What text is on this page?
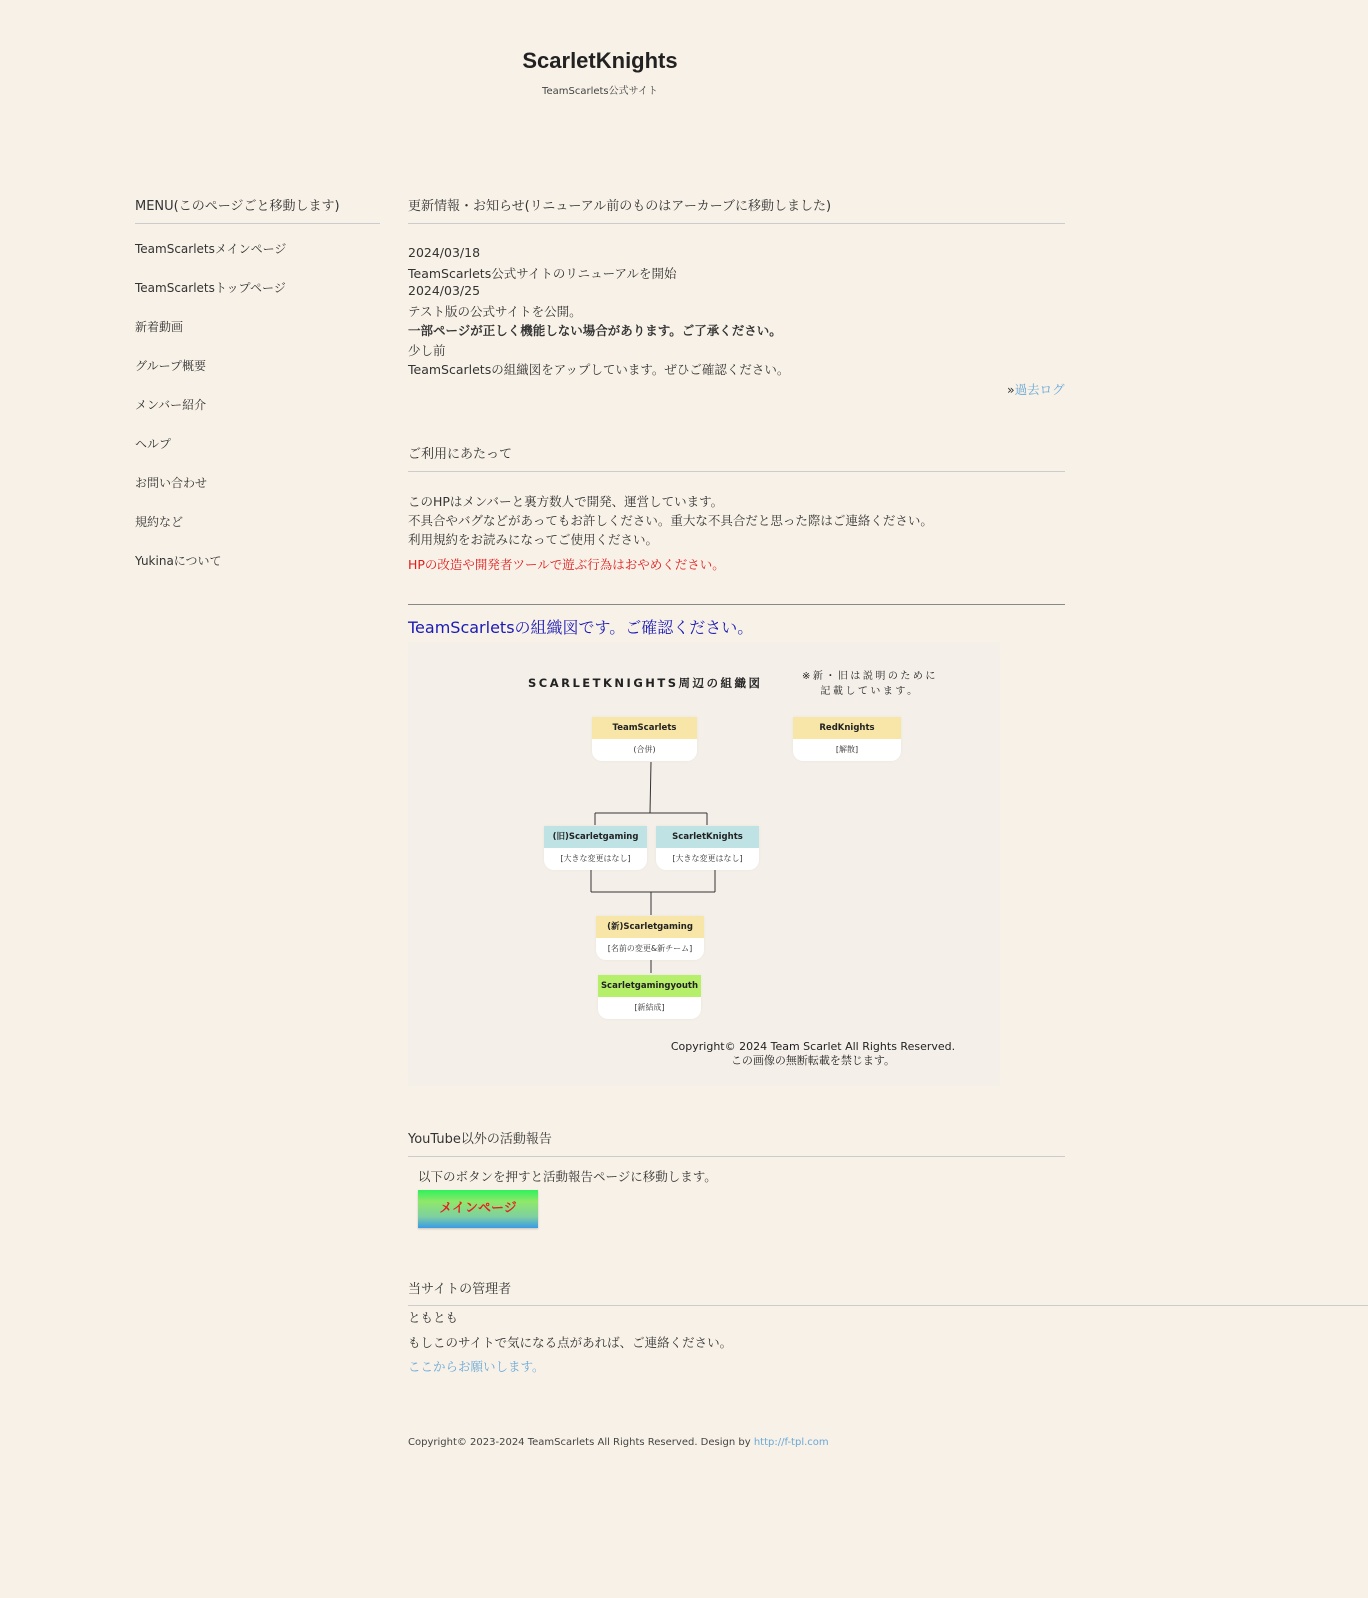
ScarletKnights
TeamScarlets公式サイト
MENU(このページごと移動します)
TeamScarletsメインページ
TeamScarletsトップページ
新着動画
グループ概要
メンバー紹介
ヘルプ
お問い合わせ
規約など
Yukinaについて
更新情報・お知らせ(リニューアル前のものはアーカーブに移動しました)
2024/03/18
TeamScarlets公式サイトのリニューアルを開始
2024/03/25
テスト版の公式サイトを公開。
一部ページが正しく機能しない場合があります。ご了承ください。
少し前
TeamScarletsの組織図をアップしています。ぜひご確認ください。
»過去ログ
ご利用にあたって
このHPはメンバーと裏方数人で開発、運営しています。
不具合やバグなどがあってもお許しください。重大な不具合だと思った際はご連絡ください。
利用規約をお読みになってご使用ください。
HPの改造や開発者ツールで遊ぶ行為はおやめください。
TeamScarletsの組織図です。ご確認ください。
SCARLETKNIGHTS周辺の組織図	※新・旧は説明のために
記載しています。
TeamScarlets
(合併)
RedKnights
[解散]
(旧)Scarletgaming
[大きな変更はなし]
ScarletKnights
[大きな変更はなし]
(新)Scarletgaming
[名前の変更&新チーム]
Scarletgamingyouth
[新結成]
Copyright© 2024 Team Scarlet All Rights Reserved.
この画像の無断転載を禁じます。
YouTube以外の活動報告
以下のボタンを押すと活動報告ページに移動します。
メインページ
当サイトの管理者
ともとも
もしこのサイトで気になる点があれば、ご連絡ください。
ここからお願いします。
Copyright© 2023-2024 TeamScarlets All Rights Reserved. Design by http://f-tpl.com
